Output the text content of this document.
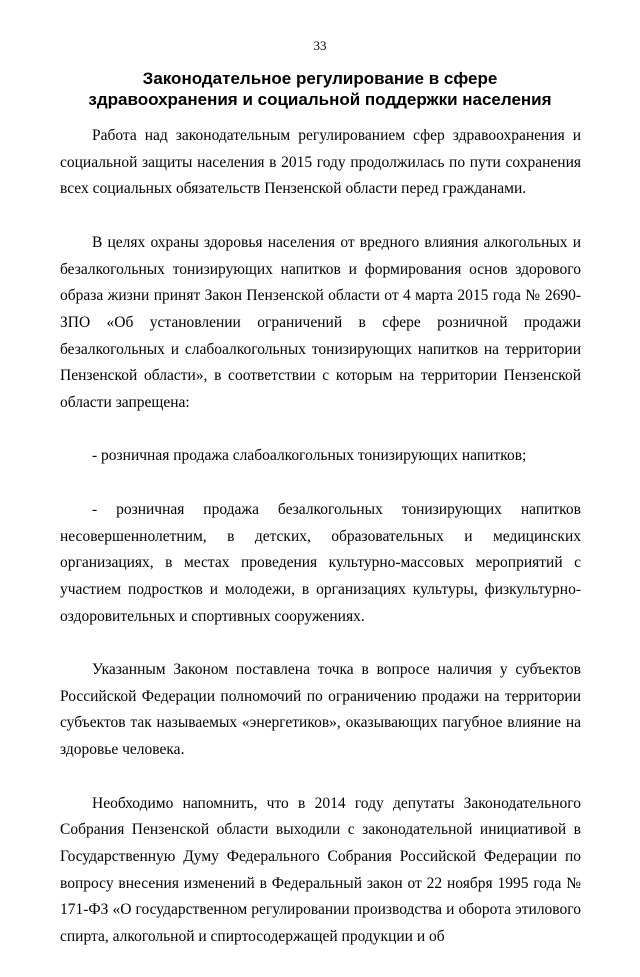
33
Законодательное регулирование в сфере
здравоохранения и социальной поддержки населения

Работа над законодательным регулированием сфер здравоохранения и социальной защиты населения в 2015 году продолжилась по пути сохранения всех социальных обязательств Пензенской области перед гражданами.

В целях охраны здоровья населения от вредного влияния алкогольных и безалкогольных тонизирующих напитков и формирования основ здорового образа жизни принят Закон Пензенской области от 4 марта 2015 года № 2690-ЗПО «Об установлении ограничений в сфере розничной продажи безалкогольных и слабоалкогольных тонизирующих напитков на территории Пензенской области», в соответствии с которым на территории Пензенской области запрещена:

- розничная продажа слабоалкогольных тонизирующих напитков;

- розничная продажа безалкогольных тонизирующих напитков несовершеннолетним, в детских, образовательных и медицинских организациях, в местах проведения культурно-массовых мероприятий с участием подростков и молодежи, в организациях культуры, физкультурно-оздоровительных и спортивных сооружениях.

Указанным Законом поставлена точка в вопросе наличия у субъектов Российской Федерации полномочий по ограничению продажи на территории субъектов так называемых «энергетиков», оказывающих пагубное влияние на здоровье человека.

Необходимо напомнить, что в 2014 году депутаты Законодательного Собрания Пензенской области выходили с законодательной инициативой в Государственную Думу Федерального Собрания Российской Федерации по вопросу внесения изменений в Федеральный закон от 22 ноября 1995 года № 171-ФЗ «О государственном регулировании производства и оборота этилового спирта, алкогольной и спиртосодержащей продукции и об
